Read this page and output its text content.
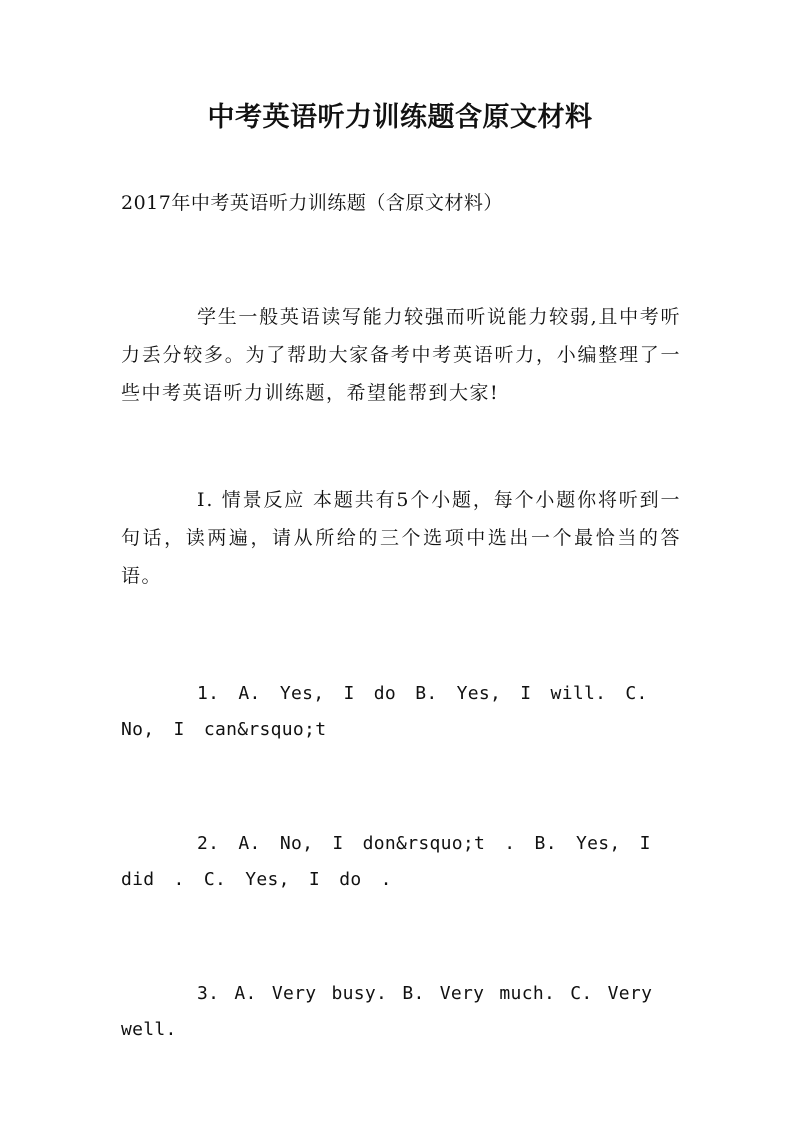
中考英语听力训练题含原文材料

2017年中考英语听力训练题（含原文材料）

学生一般英语读写能力较强而听说能力较弱,且中考听力丢分较多。为了帮助大家备考中考英语听力，小编整理了一些中考英语听力训练题，希望能帮到大家!

Ⅰ. 情景反应 本题共有5个小题，每个小题你将听到一句话，读两遍，请从所给的三个选项中选出一个最恰当的答语。

1. A. Yes, I do B. Yes, I will. C. No, I can&rsquo;t

2. A. No, I don&rsquo;t . B. Yes, I did . C. Yes, I do .

3. A. Very busy. B. Very much. C. Very well.
